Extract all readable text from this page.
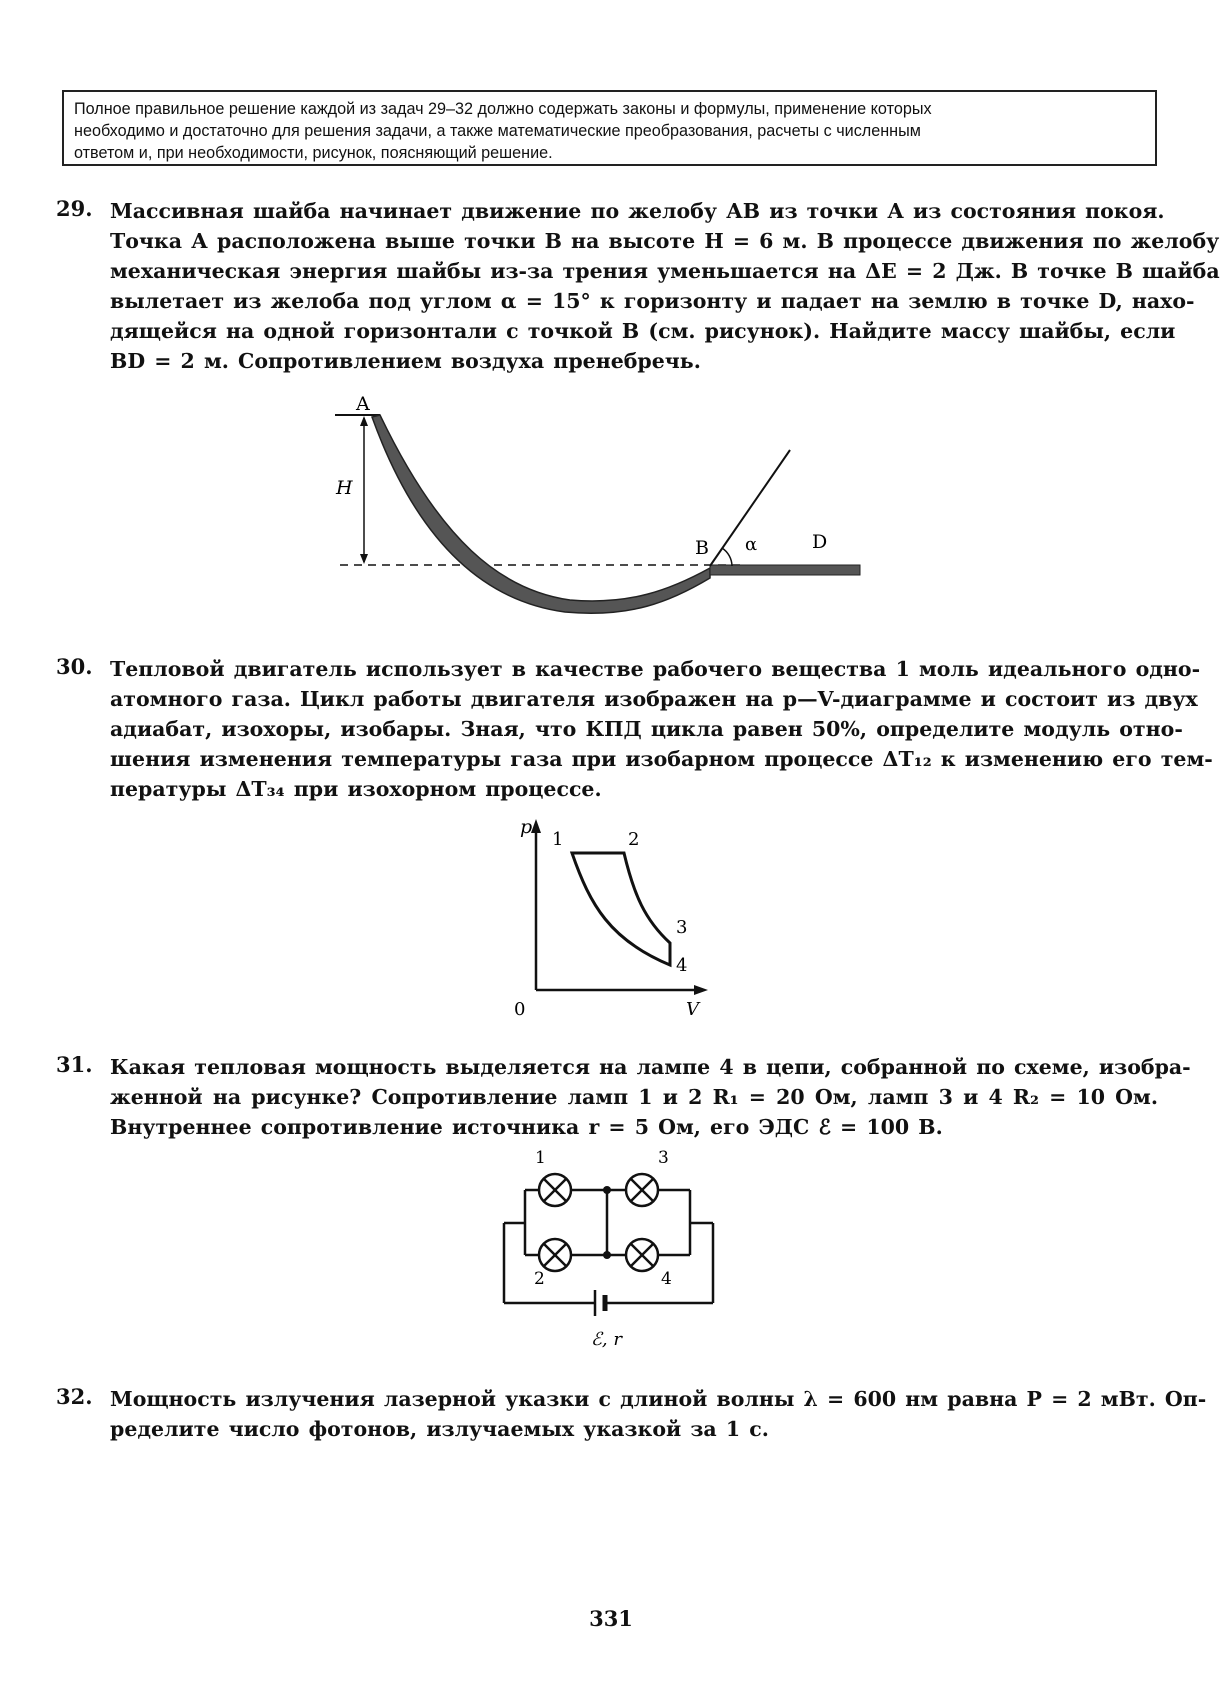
Полное правильное решение каждой из задач 29–32 должно содержать законы и формулы, применение которых

необходимо и достаточно для решения задачи, а также математические преобразования, расчеты с численным

ответом и, при необходимости, рисунок, поясняющий решение.

29. Массивная шайба начинает движение по желобу АВ из точки А из состояния покоя.
Точка А расположена выше точки В на высоте H = 6 м. В процессе движения по желобу
механическая энергия шайбы из-за трения уменьшается на ΔE = 2 Дж. В точке В шайба
вылетает из желоба под углом α = 15° к горизонту и падает на землю в точке D, нахо-
дящейся на одной горизонтали с точкой В (см. рисунок). Найдите массу шайбы, если
BD = 2 м. Сопротивлением воздуха пренебречь.
H
A
B α	D
30. Тепловой двигатель использует в качестве рабочего вещества 1 моль идеального одно-
атомного газа. Цикл работы двигателя изображен на p—V-диаграмме и состоит из двух
адиабат, изохоры, изобары. Зная, что КПД цикла равен 50%, определите модуль отно-
шения изменения температуры газа при изобарном процессе ΔT₁₂ к изменению его тем-
пературы ΔT₃₄ при изохорном процессе.
p
V
0
1	2
3
4
31. Какая тепловая мощность выделяется на лампе 4 в цепи, собранной по схеме, изобра-
женной на рисунке? Сопротивление ламп 1 и 2 R₁ = 20 Ом, ламп 3 и 4 R₂ = 10 Ом.
Внутреннее сопротивление источника r = 5 Ом, его ЭДС ℰ = 100 В.
1	3
2	4
ℰ, r
32. Мощность излучения лазерной указки с длиной волны λ = 600 нм равна P = 2 мВт. Оп-
ределите число фотонов, излучаемых указкой за 1 с.
331
